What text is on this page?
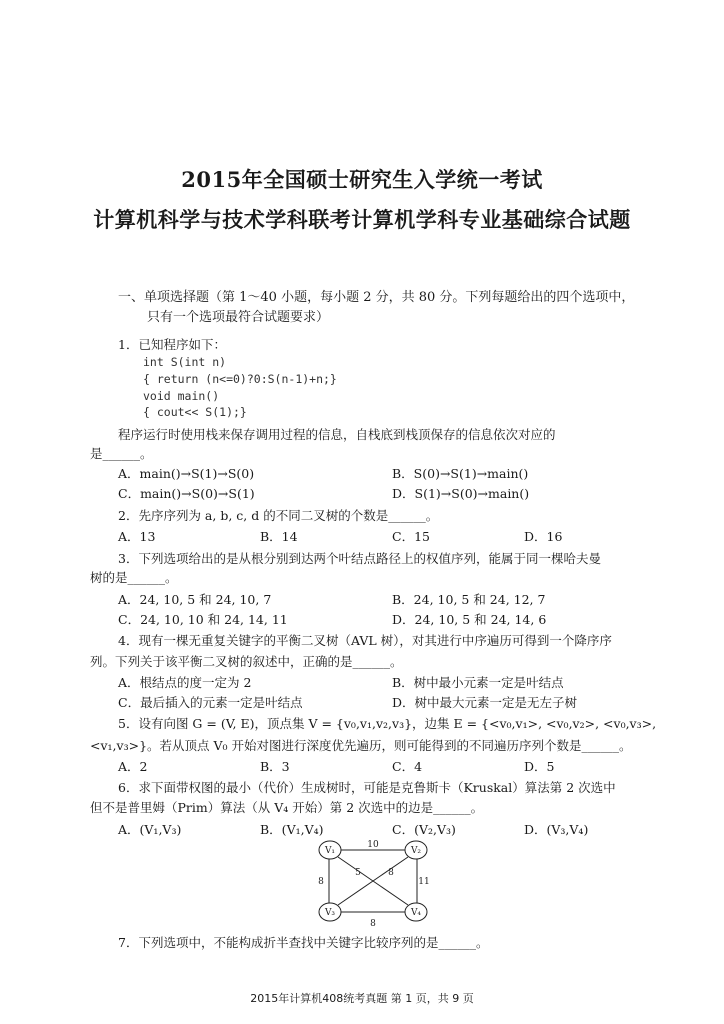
2015年全国硕士研究生入学统一考试
计算机科学与技术学科联考计算机学科专业基础综合试题
一、单项选择题（第 1～40 小题，每小题 2 分，共 80 分。下列每题给出的四个选项中，
只有一个选项最符合试题要求）
1．已知程序如下：
int S(int n)
{ return (n<=0)?0:S(n-1)+n;}
void main()
{ cout<< S(1);}
程序运行时使用栈来保存调用过程的信息，自栈底到栈顶保存的信息依次对应的
是______。
A．main()→S(1)→S(0)	B．S(0)→S(1)→main()
C．main()→S(0)→S(1)	D．S(1)→S(0)→main()
2．先序序列为 a, b, c, d 的不同二叉树的个数是______。
A．13	B．14	C．15	D．16
3．下列选项给出的是从根分别到达两个叶结点路径上的权值序列，能属于同一棵哈夫曼
树的是______。
A．24, 10, 5 和 24, 10, 7	B．24, 10, 5 和 24, 12, 7
C．24, 10, 10 和 24, 14, 11	D．24, 10, 5 和 24, 14, 6
4．现有一棵无重复关键字的平衡二叉树（AVL 树），对其进行中序遍历可得到一个降序序
列。下列关于该平衡二叉树的叙述中，正确的是______。
A．根结点的度一定为 2	B．树中最小元素一定是叶结点
C．最后插入的元素一定是叶结点	D．树中最大元素一定是无左子树
5．设有向图 G = (V, E)，顶点集 V = {v₀,v₁,v₂,v₃}，边集 E = {<v₀,v₁>, <v₀,v₂>, <v₀,v₃>,
<v₁,v₃>}。若从顶点 V₀ 开始对图进行深度优先遍历，则可能得到的不同遍历序列个数是______。
A．2	B．3	C．4	D．5
6．求下面带权图的最小（代价）生成树时，可能是克鲁斯卡（Kruskal）算法第 2 次选中
但不是普里姆（Prim）算法（从 V₄ 开始）第 2 次选中的边是______。
A．(V₁,V₃)	B．(V₁,V₄)	C．(V₂,V₃)	D．(V₃,V₄)
V₁	V₂
V₃	V₄
10
5	8
8	11
8
7．下列选项中，不能构成折半查找中关键字比较序列的是______。
2015年计算机408统考真题 第 1 页，共 9 页
